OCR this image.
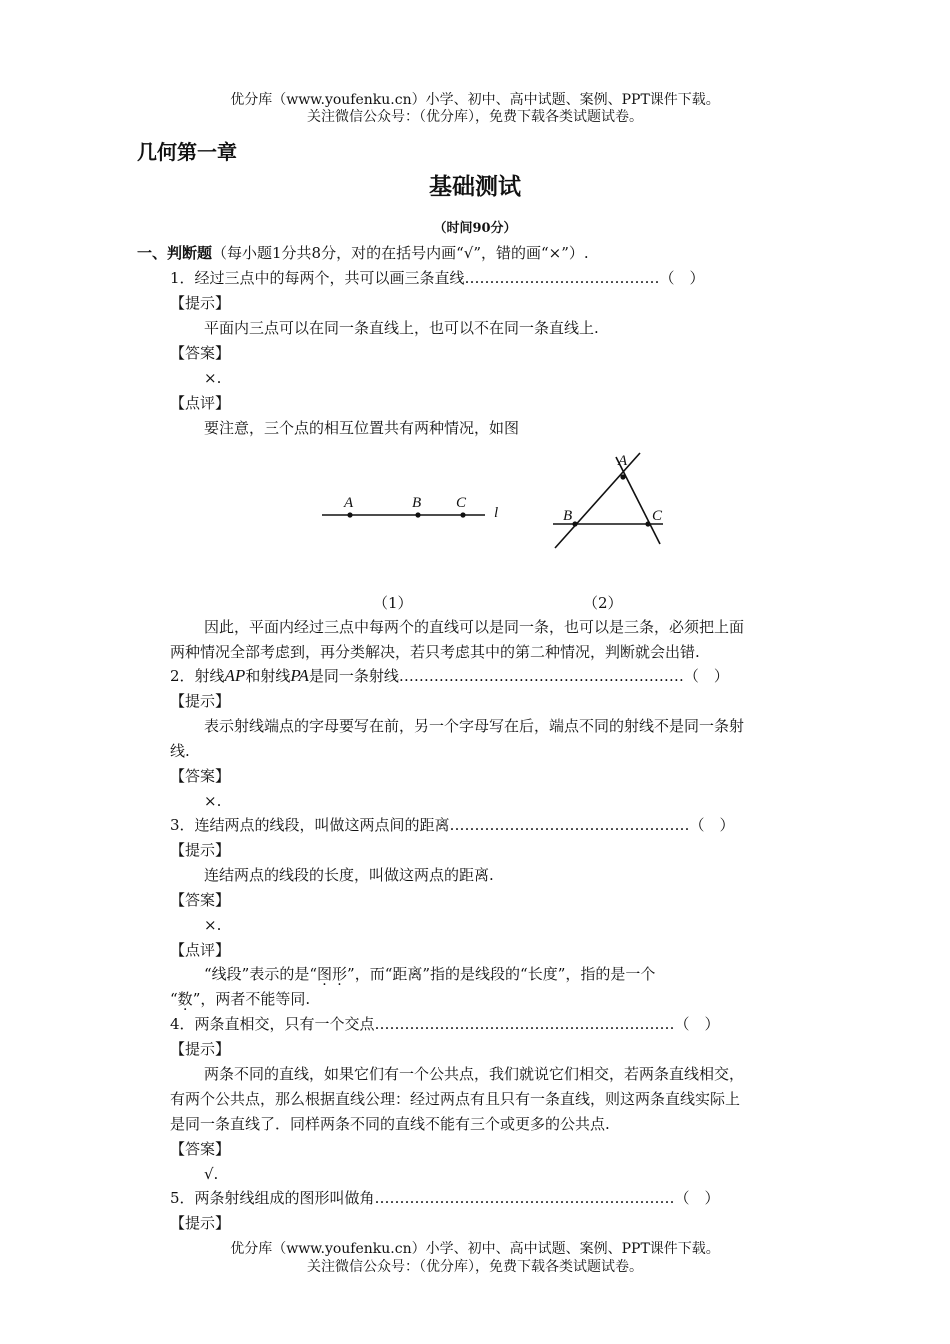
优分库（www.youfenku.cn）小学、初中、高中试题、案例、PPT课件下载。
关注微信公众号：（优分库），免费下载各类试题试卷。
几何第一章
基础测试
（时间90分）
一、判断题（每小题1分共8分，对的在括号内画“√”，错的画“×”）.
1．经过三点中的每两个，共可以画三条直线…………………………………（　）
【提示】
平面内三点可以在同一条直线上，也可以不在同一条直线上.
【答案】
×.
【点评】
要注意，三个点的相互位置共有两种情况，如图
A	B C
l
A
B	C
（1）	（2）
因此，平面内经过三点中每两个的直线可以是同一条，也可以是三条，必须把上面
两种情况全部考虑到，再分类解决，若只考虑其中的第二种情况，判断就会出错.
2．射线AP和射线PA是同一条射线…………………………………………………（　）
【提示】
表示射线端点的字母要写在前，另一个字母写在后，端点不同的射线不是同一条射
线.
【答案】
×.
3．连结两点的线段，叫做这两点间的距离…………………………………………（　）
【提示】
连结两点的线段的长度，叫做这两点的距离.
【答案】
×.
【点评】
“线段”表示的是“图形”，而“距离”指的是线段的“长度”，指的是一个
“数”，两者不能等同.
4．两条直相交，只有一个交点……………………………………………………（　）
【提示】
两条不同的直线，如果它们有一个公共点，我们就说它们相交，若两条直线相交，
有两个公共点，那么根据直线公理：经过两点有且只有一条直线，则这两条直线实际上
是同一条直线了．同样两条不同的直线不能有三个或更多的公共点.
【答案】
√.
5．两条射线组成的图形叫做角……………………………………………………（　）
【提示】
优分库（www.youfenku.cn）小学、初中、高中试题、案例、PPT课件下载。
关注微信公众号：（优分库），免费下载各类试题试卷。
